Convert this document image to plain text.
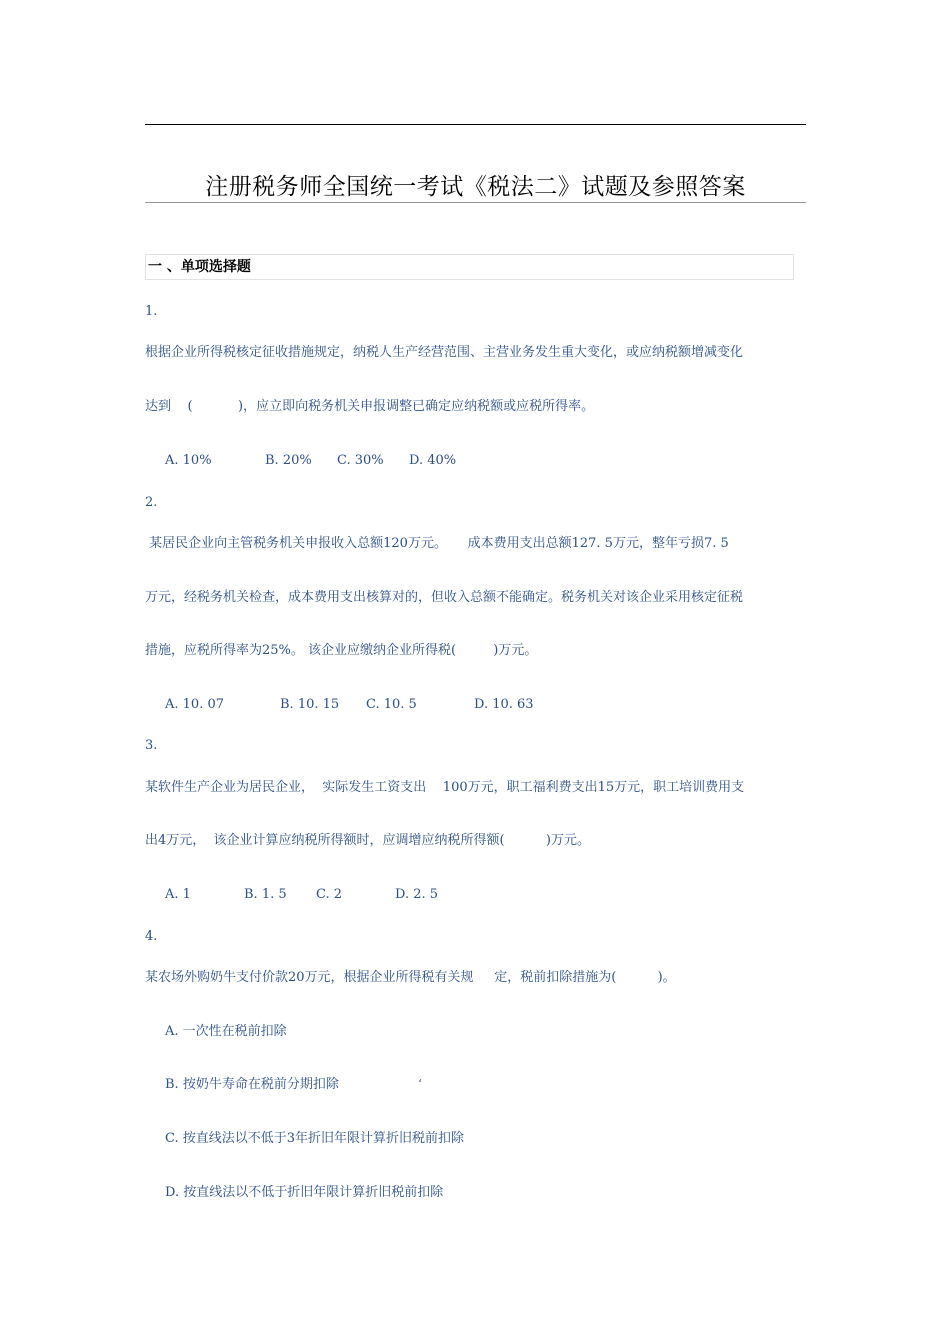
注册税务师全国统一考试《税法二》试题及参照答案
一 、单项选择题
1.
根据企业所得税核定征收措施规定，纳税人生产经营范围、主营业务发生重大变化，或应纳税额增减变化
达到    (           )，应立即向税务机关申报调整已确定应纳税额或应税所得率。
A. 10%	B. 20% C. 30% D. 40%
2.
某居民企业向主管税务机关申报收入总额120万元。     成本费用支出总额127. 5万元，整年亏损7. 5
万元，经税务机关检查，成本费用支出核算对的，但收入总额不能确定。税务机关对该企业采用核定征税
措施，应税所得率为25%。 该企业应缴纳企业所得税(         )万元。
A. 10. 07	B. 10. 15 C. 10. 5	D. 10. 63
3.
某软件生产企业为居民企业，  实际发生工资支出    100万元，职工福利费支出15万元，职工培训费用支
出4万元，  该企业计算应纳税所得额时，应调增应纳税所得额(          )万元。
A. 1	B. 1. 5 C. 2	D. 2. 5
4.
某农场外购奶牛支付价款20万元，根据企业所得税有关规     定，税前扣除措施为(          )。
A. 一次性在税前扣除
B. 按奶牛寿命在税前分期扣除	‘
C. 按直线法以不低于3年折旧年限计算折旧税前扣除
D. 按直线法以不低于折旧年限计算折旧税前扣除
